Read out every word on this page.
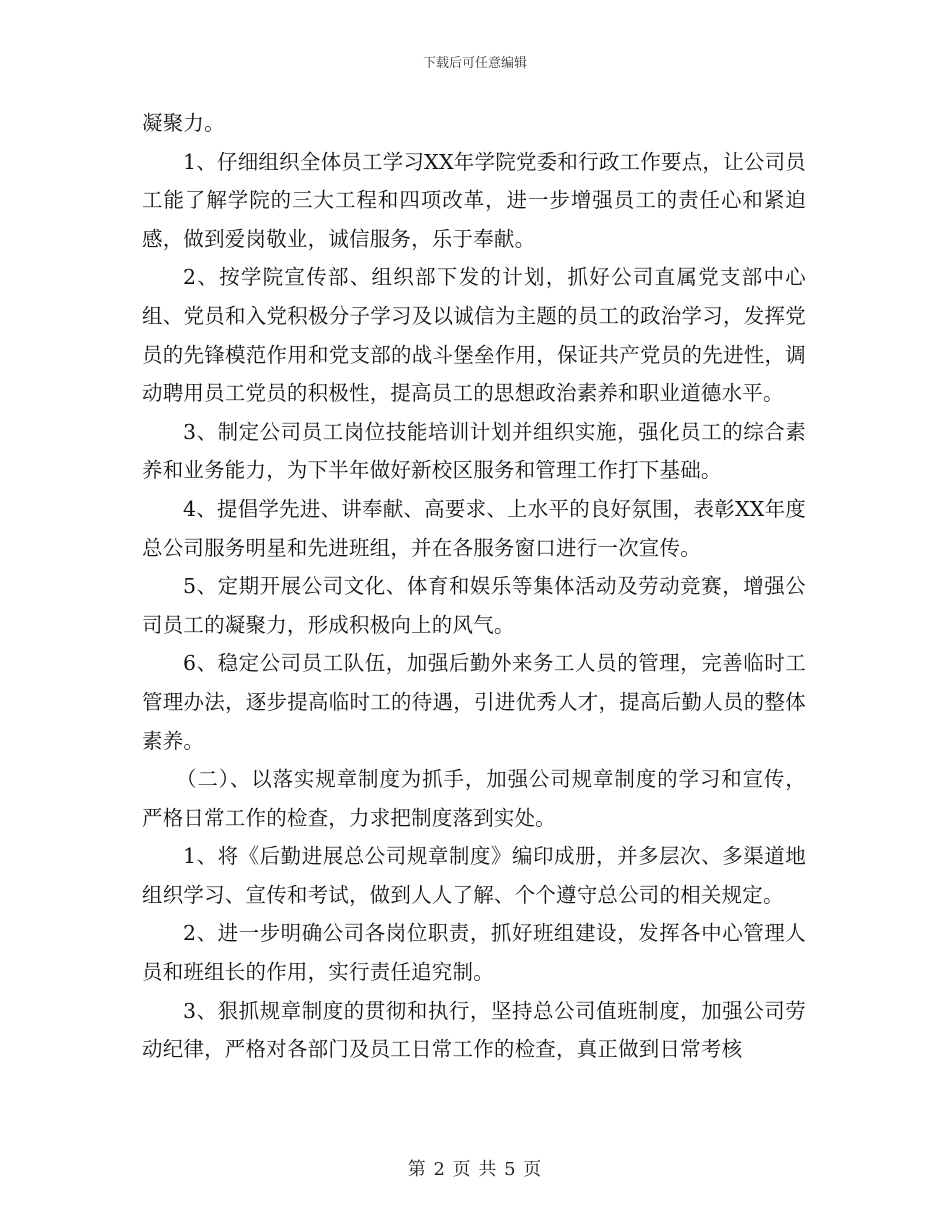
下载后可任意编辑

凝聚力。

1、仔细组织全体员工学习XX年学院党委和行政工作要点，让公司员工能了解学院的三大工程和四项改革，进一步增强员工的责任心和紧迫感，做到爱岗敬业，诚信服务，乐于奉献。

2、按学院宣传部、组织部下发的计划，抓好公司直属党支部中心组、党员和入党积极分子学习及以诚信为主题的员工的政治学习，发挥党员的先锋模范作用和党支部的战斗堡垒作用，保证共产党员的先进性，调动聘用员工党员的积极性，提高员工的思想政治素养和职业道德水平。

3、制定公司员工岗位技能培训计划并组织实施，强化员工的综合素养和业务能力，为下半年做好新校区服务和管理工作打下基础。

4、提倡学先进、讲奉献、高要求、上水平的良好氛围，表彰XX年度总公司服务明星和先进班组，并在各服务窗口进行一次宣传。

5、定期开展公司文化、体育和娱乐等集体活动及劳动竞赛，增强公司员工的凝聚力，形成积极向上的风气。

6、稳定公司员工队伍，加强后勤外来务工人员的管理，完善临时工管理办法，逐步提高临时工的待遇，引进优秀人才，提高后勤人员的整体素养。

（二）、以落实规章制度为抓手，加强公司规章制度的学习和宣传，严格日常工作的检查，力求把制度落到实处。

1、将《后勤进展总公司规章制度》编印成册，并多层次、多渠道地组织学习、宣传和考试，做到人人了解、个个遵守总公司的相关规定。

2、进一步明确公司各岗位职责，抓好班组建设，发挥各中心管理人员和班组长的作用，实行责任追究制。

3、狠抓规章制度的贯彻和执行，坚持总公司值班制度，加强公司劳动纪律，严格对各部门及员工日常工作的检查，真正做到日常考核

第 2 页 共 5 页
